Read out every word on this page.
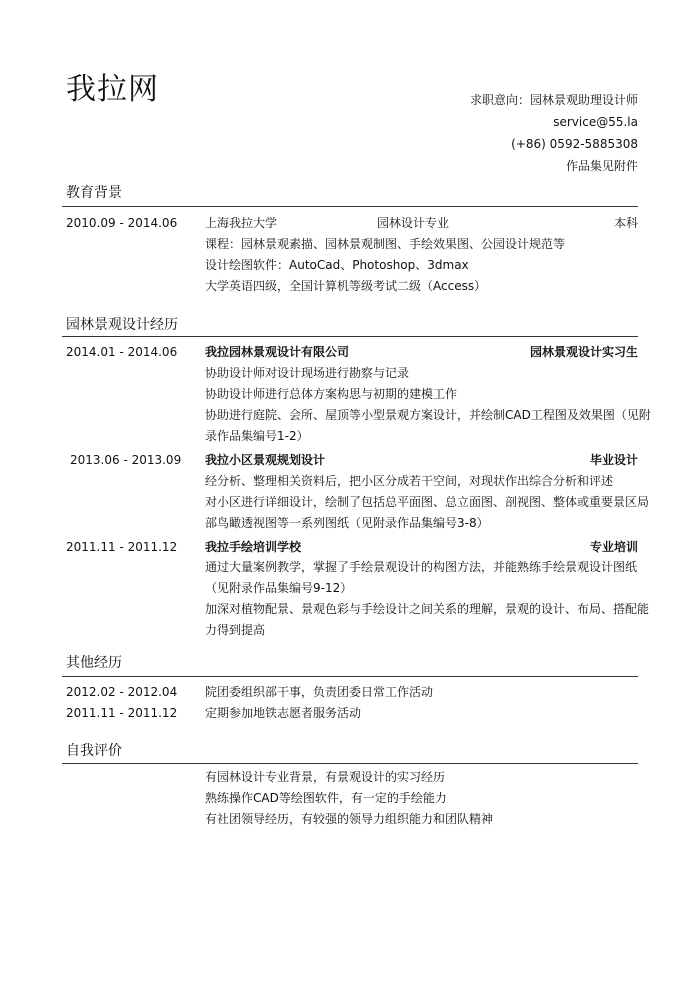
我拉网	求职意向：园林景观助理设计师
service@55.la
(+86) 0592-5885308
作品集见附件
教育背景
2010.09 - 2014.06 上海我拉大学	园林设计专业	本科
课程：园林景观素描、园林景观制图、手绘效果图、公园设计规范等
设计绘图软件：AutoCad、Photoshop、3dmax
大学英语四级，全国计算机等级考试二级（Access）
园林景观设计经历
2014.01 - 2014.06 我拉园林景观设计有限公司	园林景观设计实习生
协助设计师对设计现场进行勘察与记录
协助设计师进行总体方案构思与初期的建模工作
协助进行庭院、会所、屋顶等小型景观方案设计，并绘制CAD工程图及效果图（见附录作品集编号1-2）
2013.06 - 2013.09 我拉小区景观规划设计	毕业设计
经分析、整理相关资料后，把小区分成若干空间，对现状作出综合分析和评述
对小区进行详细设计，绘制了包括总平面图、总立面图、剖视图、整体或重要景区局部鸟瞰透视图等一系列图纸（见附录作品集编号3-8）
2011.11 - 2011.12 我拉手绘培训学校	专业培训
通过大量案例教学，掌握了手绘景观设计的构图方法，并能熟练手绘景观设计图纸（见附录作品集编号9-12）
加深对植物配景、景观色彩与手绘设计之间关系的理解，景观的设计、布局、搭配能力得到提高
其他经历
2012.02 - 2012.04 院团委组织部干事，负责团委日常工作活动
2011.11 - 2011.12 定期参加地铁志愿者服务活动
自我评价
有园林设计专业背景，有景观设计的实习经历
熟练操作CAD等绘图软件，有一定的手绘能力
有社团领导经历，有较强的领导力组织能力和团队精神
